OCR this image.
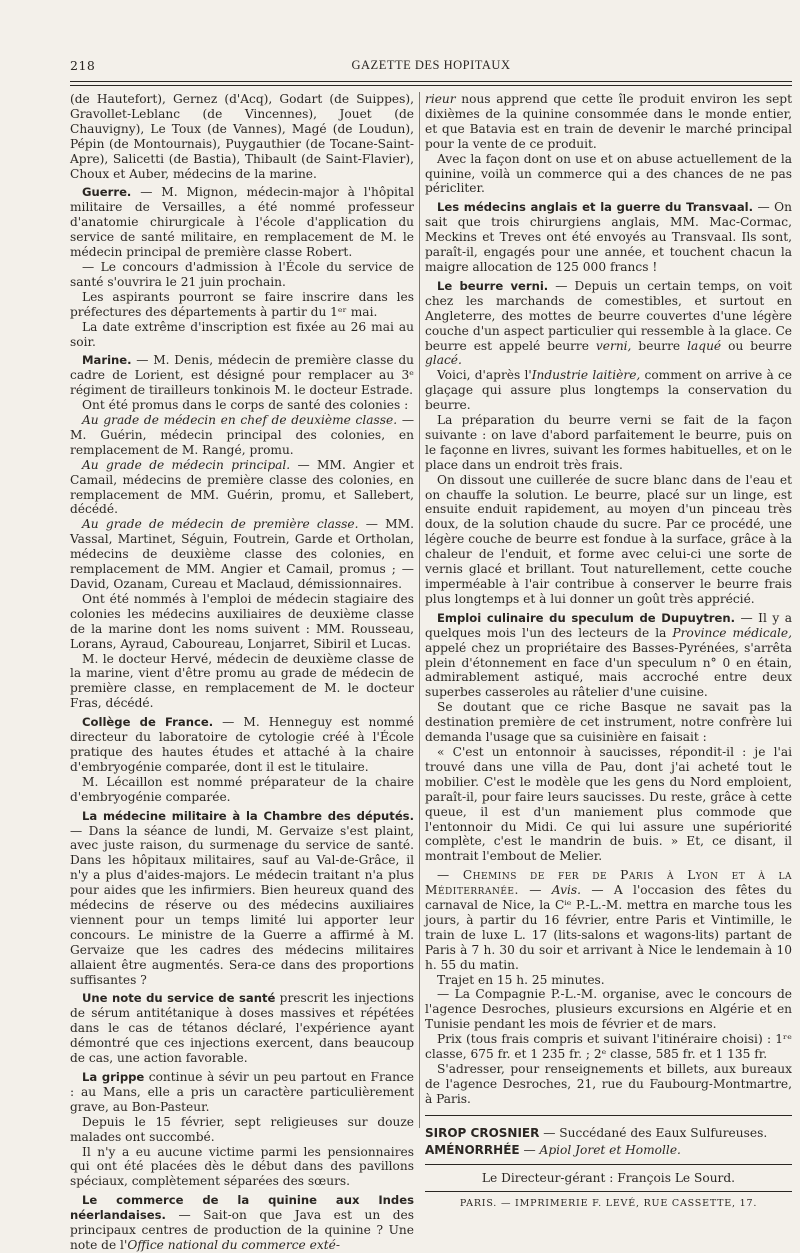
218	GAZETTE DES HOPITAUX

(de Hautefort), Gernez (d'Acq), Godart (de Suippes), Gravollet-Leblanc (de Vincennes), Jouet (de Chauvigny), Le Toux (de Vannes), Magé (de Loudun), Pépin (de Montournais), Puygauthier (de Tocane-Saint-Apre), Salicetti (de Bastia), Thibault (de Saint-Flavier), Choux et Auber, médecins de la marine.

Guerre. — M. Mignon, médecin-major à l'hôpital militaire de Versailles, a été nommé professeur d'anatomie chirurgicale à l'école d'application du service de santé militaire, en remplacement de M. le médecin principal de première classe Robert.

— Le concours d'admission à l'École du service de santé s'ouvrira le 21 juin prochain.

Les aspirants pourront se faire inscrire dans les préfectures des départements à partir du 1ᵉʳ mai.

La date extrême d'inscription est fixée au 26 mai au soir.

Marine. — M. Denis, médecin de première classe du cadre de Lorient, est désigné pour remplacer au 3ᵉ régiment de tirailleurs tonkinois M. le docteur Estrade.

Ont été promus dans le corps de santé des colonies :

Au grade de médecin en chef de deuxième classe. — M. Guérin, médecin principal des colonies, en remplacement de M. Rangé, promu.

Au grade de médecin principal. — MM. Angier et Camail, médecins de première classe des colonies, en remplacement de MM. Guérin, promu, et Sallebert, décédé.

Au grade de médecin de première classe. — MM. Vassal, Martinet, Séguin, Foutrein, Garde et Ortholan, médecins de deuxième classe des colonies, en remplacement de MM. Angier et Camail, promus ; — David, Ozanam, Cureau et Maclaud, démissionnaires.

Ont été nommés à l'emploi de médecin stagiaire des colonies les médecins auxiliaires de deuxième classe de la marine dont les noms suivent : MM. Rousseau, Lorans, Ayraud, Caboureau, Lonjarret, Sibiril et Lucas.

M. le docteur Hervé, médecin de deuxième classe de la marine, vient d'être promu au grade de médecin de première classe, en remplacement de M. le docteur Fras, décédé.

Collège de France. — M. Henneguy est nommé directeur du laboratoire de cytologie créé à l'École pratique des hautes études et attaché à la chaire d'embryogénie comparée, dont il est le titulaire.

M. Lécaillon est nommé préparateur de la chaire d'embryogénie comparée.

La médecine militaire à la Chambre des députés. — Dans la séance de lundi, M. Gervaize s'est plaint, avec juste raison, du surmenage du service de santé. Dans les hôpitaux militaires, sauf au Val-de-Grâce, il n'y a plus d'aides-majors. Le médecin traitant n'a plus pour aides que les infirmiers. Bien heureux quand des médecins de réserve ou des médecins auxiliaires viennent pour un temps limité lui apporter leur concours. Le ministre de la Guerre a affirmé à M. Gervaize que les cadres des médecins militaires allaient être augmentés. Sera-ce dans des proportions suffisantes ?

Une note du service de santé prescrit les injections de sérum antitétanique à doses massives et répétées dans le cas de tétanos déclaré, l'expérience ayant démontré que ces injections exercent, dans beaucoup de cas, une action favorable.

La grippe continue à sévir un peu partout en France : au Mans, elle a pris un caractère particulièrement grave, au Bon-Pasteur.

Depuis le 15 février, sept religieuses sur douze malades ont succombé.

Il n'y a eu aucune victime parmi les pensionnaires qui ont été placées dès le début dans des pavillons spéciaux, complètement séparées des sœurs.

Le commerce de la quinine aux Indes néerlandaises. — Sait-on que Java est un des principaux centres de production de la quinine ? Une note de l'Office national du commerce exté-

rieur nous apprend que cette île produit environ les sept dixièmes de la quinine consommée dans le monde entier, et que Batavia est en train de devenir le marché principal pour la vente de ce produit.

Avec la façon dont on use et on abuse actuellement de la quinine, voilà un commerce qui a des chances de ne pas péricliter.

Les médecins anglais et la guerre du Transvaal. — On sait que trois chirurgiens anglais, MM. Mac-Cormac, Meckins et Treves ont été envoyés au Transvaal. Ils sont, paraît-il, engagés pour une année, et touchent chacun la maigre allocation de 125 000 francs !

Le beurre verni. — Depuis un certain temps, on voit chez les marchands de comestibles, et surtout en Angleterre, des mottes de beurre couvertes d'une légère couche d'un aspect particulier qui ressemble à la glace. Ce beurre est appelé beurre verni, beurre laqué ou beurre glacé.

Voici, d'après l'Industrie laitière, comment on arrive à ce glaçage qui assure plus longtemps la conservation du beurre.

La préparation du beurre verni se fait de la façon suivante : on lave d'abord parfaitement le beurre, puis on le façonne en livres, suivant les formes habituelles, et on le place dans un endroit très frais.

On dissout une cuillerée de sucre blanc dans de l'eau et on chauffe la solution. Le beurre, placé sur un linge, est ensuite enduit rapidement, au moyen d'un pinceau très doux, de la solution chaude du sucre. Par ce procédé, une légère couche de beurre est fondue à la surface, grâce à la chaleur de l'enduit, et forme avec celui-ci une sorte de vernis glacé et brillant. Tout naturellement, cette couche imperméable à l'air contribue à conserver le beurre frais plus longtemps et à lui donner un goût très apprécié.

Emploi culinaire du speculum de Dupuytren. — Il y a quelques mois l'un des lecteurs de la Province médicale, appelé chez un propriétaire des Basses-Pyrénées, s'arrêta plein d'étonnement en face d'un speculum n° 0 en étain, admirablement astiqué, mais accroché entre deux superbes casseroles au râtelier d'une cuisine.

Se doutant que ce riche Basque ne savait pas la destination première de cet instrument, notre confrère lui demanda l'usage que sa cuisinière en faisait :

« C'est un entonnoir à saucisses, répondit-il : je l'ai trouvé dans une villa de Pau, dont j'ai acheté tout le mobilier. C'est le modèle que les gens du Nord emploient, paraît-il, pour faire leurs saucisses. Du reste, grâce à cette queue, il est d'un maniement plus commode que l'entonnoir du Midi. Ce qui lui assure une supériorité complète, c'est le mandrin de buis. » Et, ce disant, il montrait l'embout de Melier.

— Chemins de fer de Paris à Lyon et à la Méditerranée. — Avis. — A l'occasion des fêtes du carnaval de Nice, la Cⁱᵉ P.-L.-M. mettra en marche tous les jours, à partir du 16 février, entre Paris et Vintimille, le train de luxe L. 17 (lits-salons et wagons-lits) partant de Paris à 7 h. 30 du soir et arrivant à Nice le lendemain à 10 h. 55 du matin.

Trajet en 15 h. 25 minutes.

— La Compagnie P.-L.-M. organise, avec le concours de l'agence Desroches, plusieurs excursions en Algérie et en Tunisie pendant les mois de février et de mars.

Prix (tous frais compris et suivant l'itinéraire choisi) : 1ʳᵉ classe, 675 fr. et 1 235 fr. ; 2ᵉ classe, 585 fr. et 1 135 fr.

S'adresser, pour renseignements et billets, aux bureaux de l'agence Desroches, 21, rue du Faubourg-Montmartre, à Paris.

SIROP CROSNIER — Succédané des Eaux Sulfureuses.

AMÉNORRHÉE — Apiol Joret et Homolle.

Le Directeur-gérant : François Le Sourd.

PARIS. — IMPRIMERIE F. LEVÉ, RUE CASSETTE, 17.
